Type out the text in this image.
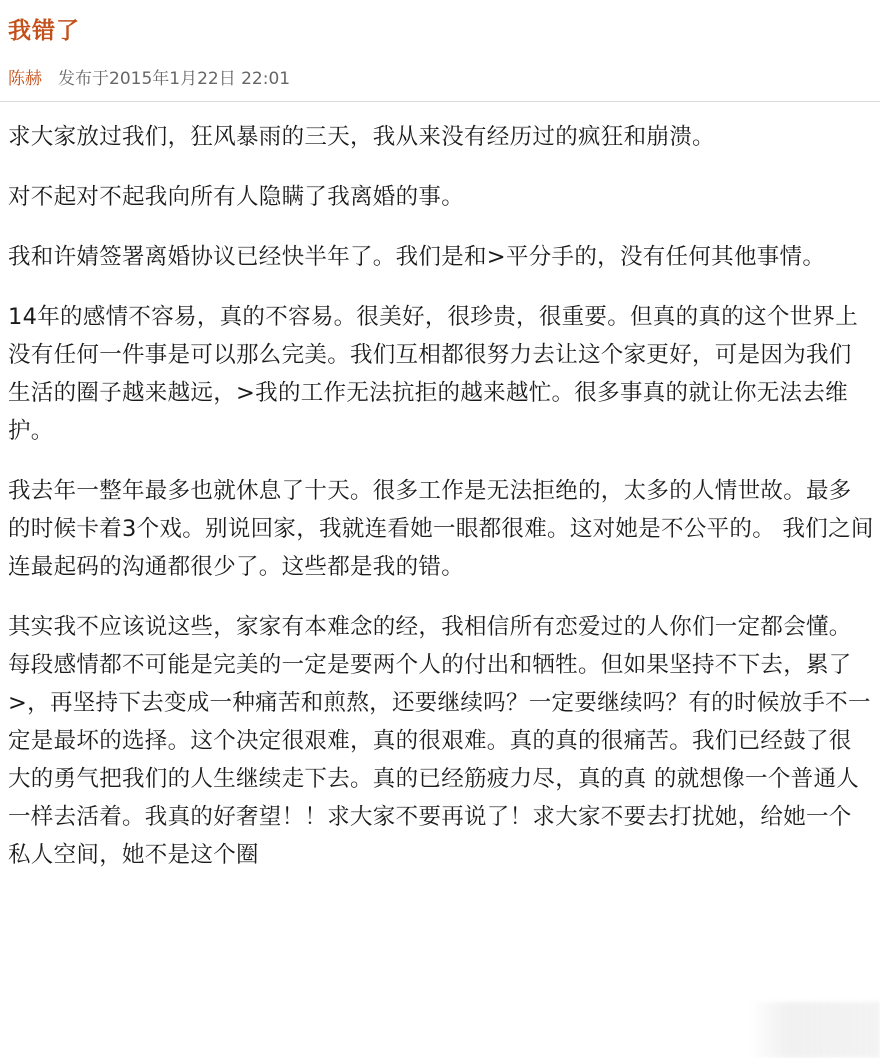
我错了
陈赫 发布于2015年1月22日 22:01

求大家放过我们，狂风暴雨的三天，我从来没有经历过的疯狂和崩溃。

对不起对不起我向所有人隐瞒了我离婚的事。

我和许婧签署离婚协议已经快半年了。我们是和>平分手的，没有任何其他事情。

14年的感情不容易，真的不容易。很美好，很珍贵，很重要。但真的真的这个世界上没有任何一件事是可以那么完美。我们互相都很努力去让这个家更好，可是因为我们生活的圈子越来越远，>我的工作无法抗拒的越来越忙。很多事真的就让你无法去维护。

我去年一整年最多也就休息了十天。很多工作是无法拒绝的，太多的人情世故。最多的时候卡着3个戏。别说回家，我就连看她一眼都很难。这对她是不公平的。 我们之间连最起码的沟通都很少了。这些都是我的错。

其实我不应该说这些，家家有本难念的经，我相信所有恋爱过的人你们一定都会懂。每段感情都不可能是完美的一定是要两个人的付出和牺牲。但如果坚持不下去，累了>，再坚持下去变成一种痛苦和煎熬，还要继续吗？一定要继续吗？有的时候放手不一定是最坏的选择。这个决定很艰难，真的很艰难。真的真的很痛苦。我们已经鼓了很大的勇气把我们的人生继续走下去。真的已经筋疲力尽，真的真 的就想像一个普通人一样去活着。我真的好奢望！！求大家不要再说了！求大家不要去打扰她，给她一个私人空间，她不是这个圈
